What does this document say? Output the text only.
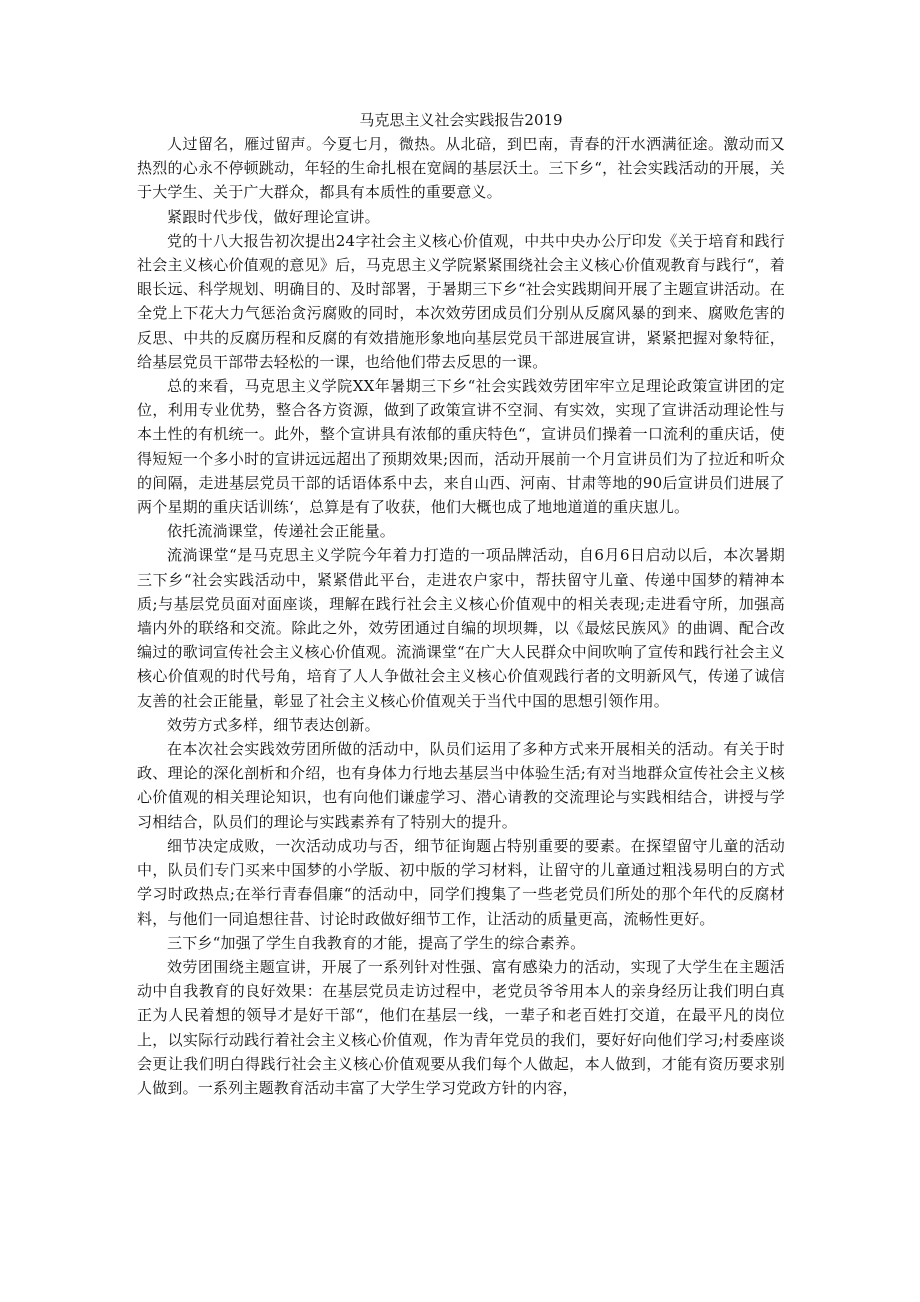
马克思主义社会实践报告2019

人过留名，雁过留声。今夏七月，微热。从北碚，到巴南，青春的汗水洒满征途。激动而又热烈的心永不停顿跳动，年轻的生命扎根在宽阔的基层沃土。三下乡“，社会实践活动的开展，关于大学生、关于广大群众，都具有本质性的重要意义。

紧跟时代步伐，做好理论宣讲。

党的十八大报告初次提出24字社会主义核心价值观，中共中央办公厅印发《关于培育和践行社会主义核心价值观的意见》后，马克思主义学院紧紧围绕社会主义核心价值观教育与践行“，着眼长远、科学规划、明确目的、及时部署，于暑期三下乡“社会实践期间开展了主题宣讲活动。在全党上下花大力气惩治贪污腐败的同时，本次效劳团成员们分别从反腐风暴的到来、腐败危害的反思、中共的反腐历程和反腐的有效措施形象地向基层党员干部进展宣讲，紧紧把握对象特征，给基层党员干部带去轻松的一课，也给他们带去反思的一课。

总的来看，马克思主义学院XX年暑期三下乡“社会实践效劳团牢牢立足理论政策宣讲团的定位，利用专业优势，整合各方资源，做到了政策宣讲不空洞、有实效，实现了宣讲活动理论性与本土性的有机统一。此外，整个宣讲具有浓郁的重庆特色“，宣讲员们操着一口流利的重庆话，使得短短一个多小时的宣讲远远超出了预期效果;因而，活动开展前一个月宣讲员们为了拉近和听众的间隔，走进基层党员干部的话语体系中去，来自山西、河南、甘肃等地的90后宣讲员们进展了两个星期的重庆话训练‘，总算是有了收获，他们大概也成了地地道道的重庆崽儿。

依托流淌课堂，传递社会正能量。

流淌课堂“是马克思主义学院今年着力打造的一项品牌活动，自6月6日启动以后，本次暑期三下乡“社会实践活动中，紧紧借此平台，走进农户家中，帮扶留守儿童、传递中国梦的精神本质;与基层党员面对面座谈，理解在践行社会主义核心价值观中的相关表现;走进看守所，加强高墙内外的联络和交流。除此之外，效劳团通过自编的坝坝舞，以《最炫民族风》的曲调、配合改编过的歌词宣传社会主义核心价值观。流淌课堂“在广大人民群众中间吹响了宣传和践行社会主义核心价值观的时代号角，培育了人人争做社会主义核心价值观践行者的文明新风气，传递了诚信友善的社会正能量，彰显了社会主义核心价值观关于当代中国的思想引领作用。

效劳方式多样，细节表达创新。

在本次社会实践效劳团所做的活动中，队员们运用了多种方式来开展相关的活动。有关于时政、理论的深化剖析和介绍，也有身体力行地去基层当中体验生活;有对当地群众宣传社会主义核心价值观的相关理论知识，也有向他们谦虚学习、潜心请教的交流理论与实践相结合，讲授与学习相结合，队员们的理论与实践素养有了特别大的提升。

细节决定成败，一次活动成功与否，细节征询题占特别重要的要素。在探望留守儿童的活动中，队员们专门买来中国梦的小学版、初中版的学习材料，让留守的儿童通过粗浅易明白的方式学习时政热点;在举行青春倡廉“的活动中，同学们搜集了一些老党员们所处的那个年代的反腐材料，与他们一同追想往昔、讨论时政做好细节工作，让活动的质量更高，流畅性更好。

三下乡“加强了学生自我教育的才能，提高了学生的综合素养。

效劳团围绕主题宣讲，开展了一系列针对性强、富有感染力的活动，实现了大学生在主题活动中自我教育的良好效果：在基层党员走访过程中，老党员爷爷用本人的亲身经历让我们明白真正为人民着想的领导才是好干部“，他们在基层一线，一辈子和老百姓打交道，在最平凡的岗位上，以实际行动践行着社会主义核心价值观，作为青年党员的我们，要好好向他们学习;村委座谈会更让我们明白得践行社会主义核心价值观要从我们每个人做起，本人做到，才能有资历要求别人做到。一系列主题教育活动丰富了大学生学习党政方针的内容，
